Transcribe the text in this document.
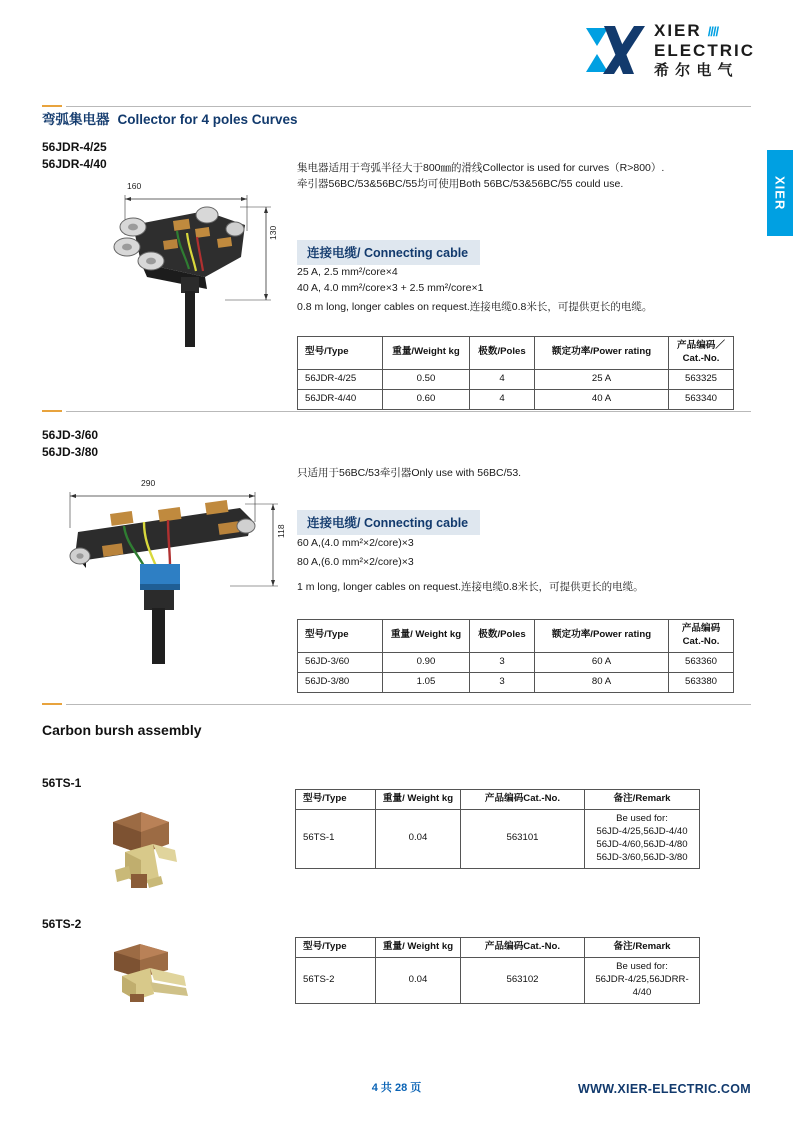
XIER ////
ELECTRIC
希 尔 电 气
XIER
弯弧集电器 Collector for 4 poles Curves
56JDR-4/25
56JDR-4/40	集电器适用于弯弧半径大于800㎜的滑线Collector is used for curves（R>800）.
牵引器56BC/53&56BC/55均可使用Both 56BC/53&56BC/55 could use.
连接电缆/ Connecting cable
25 A, 2.5 mm²/core×4
40 A, 4.0 mm²/core×3 + 2.5 mm²/core×1
0.8 m long, longer cables on request.连接电缆0.8米长，可提供更长的电缆。
160
130
型号/Type	重量/Weight kg	极数/Poles	额定功率/Power rating	产品编码／Cat.-No.
56JDR-4/25	0.50	4	25 A	563325
56JDR-4/40	0.60	4	40 A	563340
56JD-3/60
56JD-3/80
只适用于56BC/53牵引器Only use with 56BC/53.
连接电缆/ Connecting cable
60 A,(4.0 mm²×2/core)×3
80 A,(6.0 mm²×2/core)×3
1 m long, longer cables on request.连接电缆0.8米长，可提供更长的电缆。
290
118
型号/Type	重量/ Weight kg	极数/Poles	额定功率/Power rating	产品编码 Cat.-No.
56JD-3/60	0.90	3	60 A	563360
56JD-3/80	1.05	3	80 A	563380
Carbon bursh assembly
56TS-1
型号/Type	重量/ Weight kg	产品编码Cat.-No.	备注/Remark
56TS-1	0.04	563101	Be used for:
56JD-4/25,56JD-4/40
56JD-4/60,56JD-4/80
56JD-3/60,56JD-3/80
56TS-2
型号/Type	重量/ Weight kg	产品编码Cat.-No.	备注/Remark
56TS-2	0.04	563102	Be used for:
56JDR-4/25,56JDRR-4/40
4 共 28 页	WWW.XIER-ELECTRIC.COM
